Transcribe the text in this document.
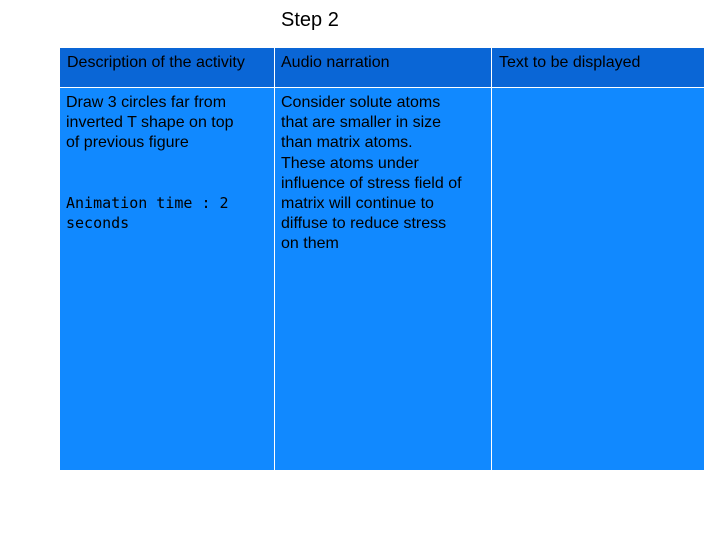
Step 2
Description of the activity Audio narration	Text to be displayed
Draw 3 circles far from
inverted T shape on top
of previous figure
Animation time : 2
seconds
Consider solute atoms
that are smaller in size
than matrix atoms.
These atoms under
influence of stress field of
matrix will continue to
diffuse to reduce stress
on them
